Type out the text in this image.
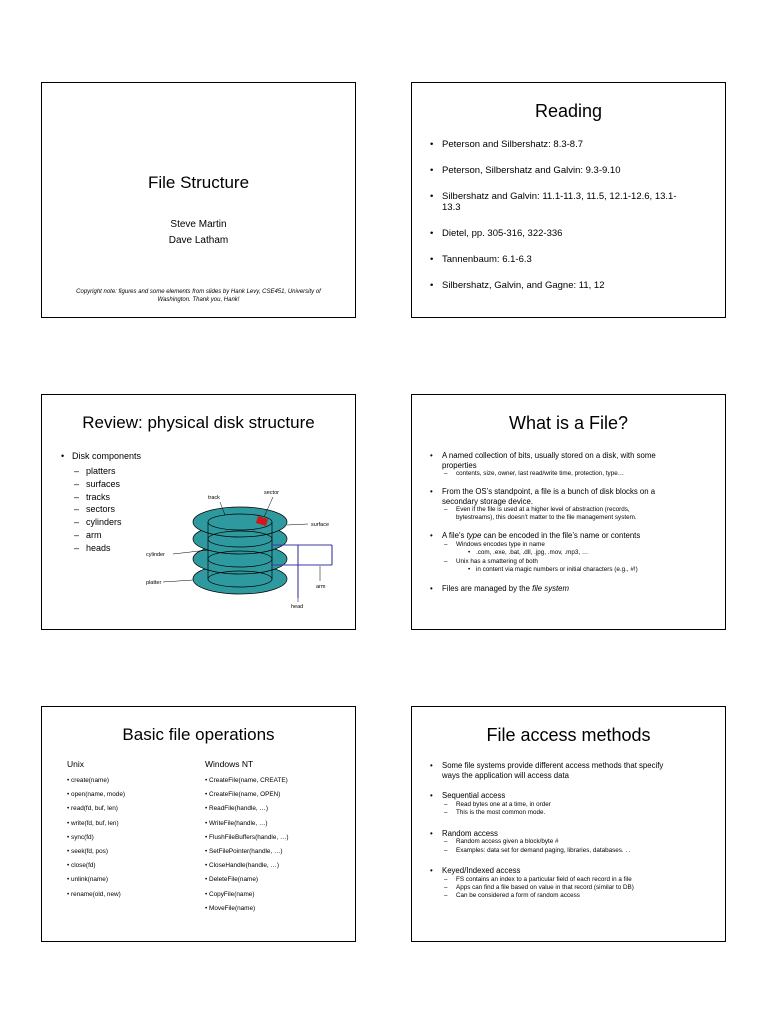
File Structure
Steve Martin
Dave Latham
Copyright note: figures and some elements from slides by Hank Levy, CSE451, University of
Washington. Thank you, Hank!
Reading
• Peterson and Silbershatz: 8.3-8.7
• Peterson, Silbershatz and Galvin: 9.3-9.10
• Silbershatz and Galvin: 11.1-11.3, 11.5, 12.1-12.6, 13.1-
13.3
• Dietel, pp. 305-316, 322-336
• Tannenbaum: 6.1-6.3
• Silbershatz, Galvin, and Gagne: 11, 12
Review: physical disk structure
• Disk components
– platters
– surfaces
– tracks
– sectors
– cylinders
– arm
– heads
track
sector
surface
cylinder
platter
arm
head
What is a File?
• A named collection of bits, usually stored on a disk, with some
properties
– contents, size, owner, last read/write time, protection, type…
• From the OS’s standpoint, a file is a bunch of disk blocks on a
secondary storage device.
– Even if the file is used at a higher level of abstraction (records,
bytestreams), this doesn’t matter to the file management system.
• A file’s type can be encoded in the file’s name or contents
– Windows encodes type in name
• .com, .exe, .bat, .dll, .jpg, .mov, .mp3, …
– Unix has a smattering of both
• in content via magic numbers or initial characters (e.g., #!)
• Files are managed by the file system
Basic file operations
Unix	Windows NT
• create(name)
• open(name, mode)
• read(fd, buf, len)
• write(fd, buf, len)
• sync(fd)
• seek(fd, pos)
• close(fd)
• unlink(name)
• rename(old, new)
• CreateFile(name, CREATE)
• CreateFile(name, OPEN)
• ReadFile(handle, …)
• WriteFile(handle, …)
• FlushFileBuffers(handle, …)
• SetFilePointer(handle, …)
• CloseHandle(handle, …)
• DeleteFile(name)
• CopyFile(name)
• MoveFile(name)
File access methods
• Some file systems provide different access methods that specify
ways the application will access data
• Sequential access
– Read bytes one at a time, in order
– This is the most common mode.
• Random access
– Random access given a block/byte #
– Examples: data set for demand paging, libraries, databases. . .
• Keyed/Indexed access
– FS contains an index to a particular field of each record in a file
– Apps can find a file based on value in that record (similar to DB)
– Can be considered a form of random access
